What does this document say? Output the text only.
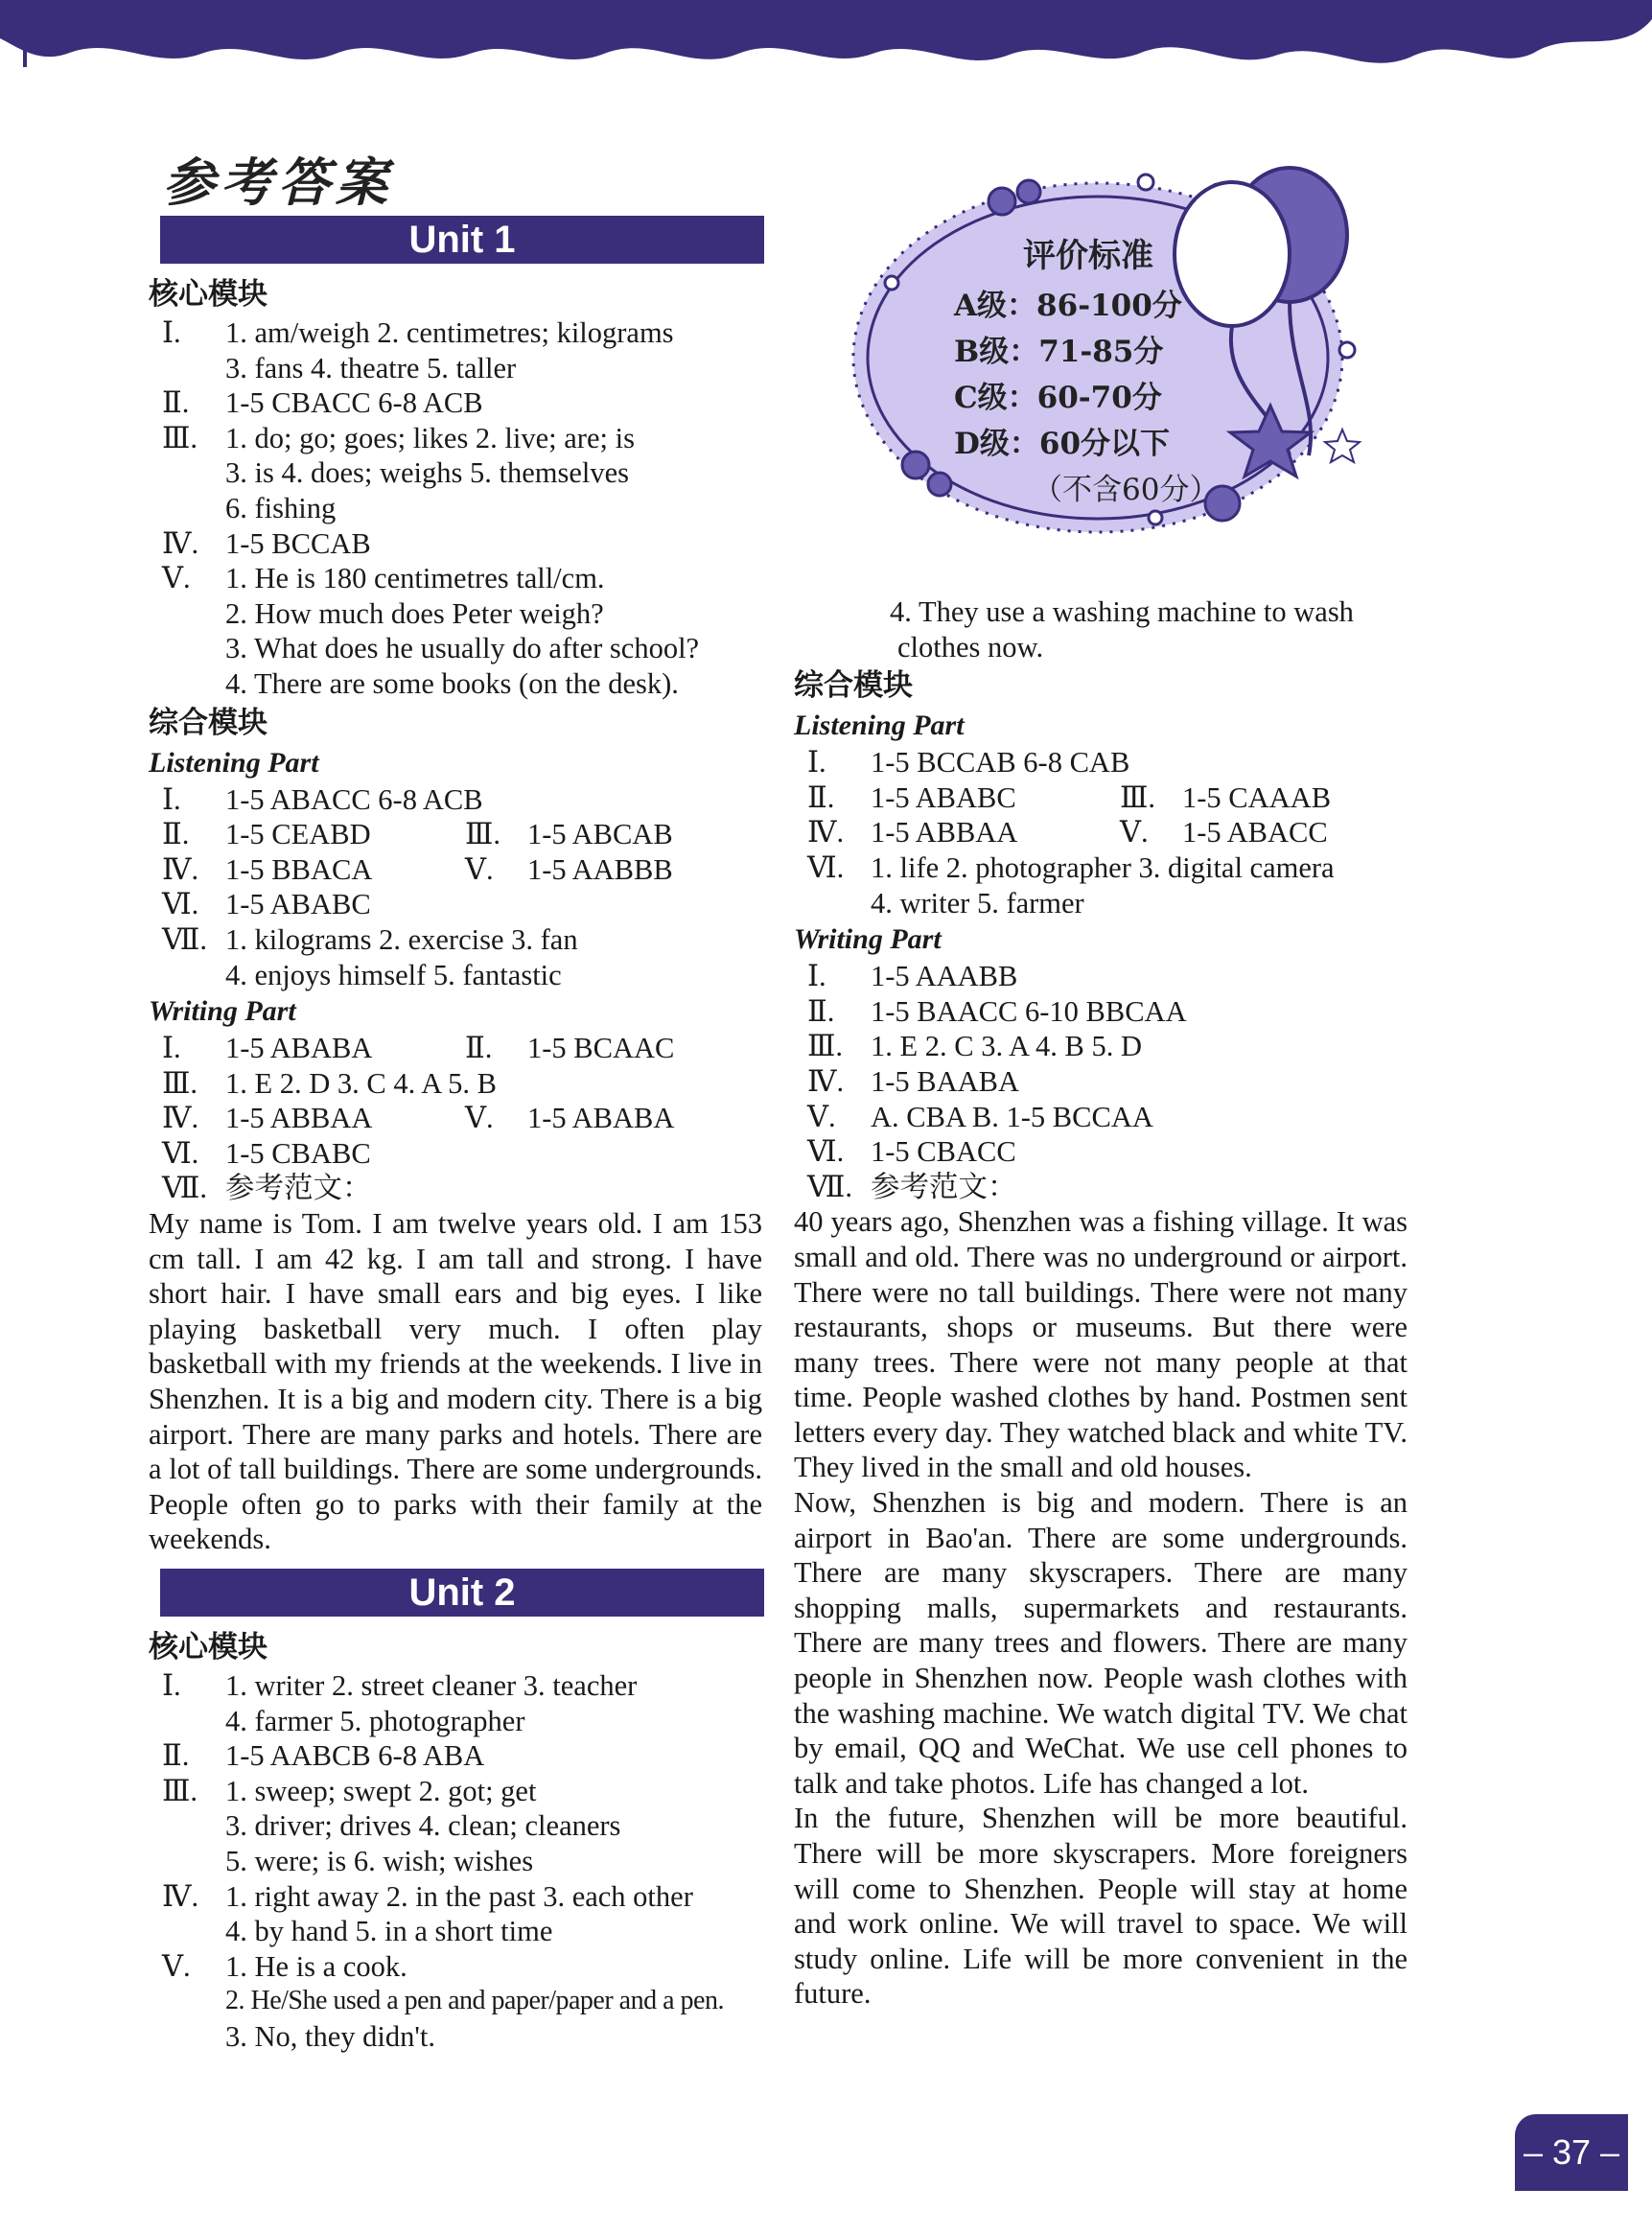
参考答案
评价标准
A级：86-100分
B级：71-85分
C级：60-70分
D级：60分以下
（不含60分）
Unit 1
核心模块
Ⅰ. 1. am/weigh 2. centimetres; kilograms
3. fans 4. theatre 5. taller
Ⅱ. 1-5 CBACC 6-8 ACB
Ⅲ. 1. do; go; goes; likes 2. live; are; is
3. is 4. does; weighs 5. themselves
6. fishing
Ⅳ. 1-5 BCCAB
Ⅴ. 1. He is 180 centimetres tall/cm.
2. How much does Peter weigh?
3. What does he usually do after school?
4. There are some books (on the desk).
综合模块
Listening Part
Ⅰ. 1-5 ABACC 6-8 ACB
Ⅱ. 1-5 CEABD	Ⅲ. 1-5 ABCAB
Ⅳ. 1-5 BBACA	Ⅴ. 1-5 AABBB
Ⅵ. 1-5 ABABC
Ⅶ. 1. kilograms 2. exercise 3. fan
4. enjoys himself 5. fantastic
Writing Part
Ⅰ. 1-5 ABABA	Ⅱ. 1-5 BCAAC
Ⅲ. 1. E 2. D 3. C 4. A 5. B
Ⅳ. 1-5 ABBAA	Ⅴ. 1-5 ABABA
Ⅵ. 1-5 CBABC
Ⅶ. 参考范文：
My name is Tom. I am twelve years old. I am 153 cm tall. I am 42 kg. I am tall and strong. I have short hair. I have small ears and big eyes. I like playing basketball very much. I often play basketball with my friends at the weekends. I live in Shenzhen. It is a big and modern city. There is a big airport. There are many parks and hotels. There are a lot of tall buildings. There are some undergrounds. People often go to parks with their family at the weekends.
Unit 2
核心模块
Ⅰ. 1. writer 2. street cleaner 3. teacher
4. farmer 5. photographer
Ⅱ. 1-5 AABCB 6-8 ABA
Ⅲ. 1. sweep; swept 2. got; get
3. driver; drives 4. clean; cleaners
5. were; is 6. wish; wishes
Ⅳ. 1. right away 2. in the past 3. each other
4. by hand 5. in a short time
Ⅴ. 1. He is a cook.
2. He/She used a pen and paper/paper and a pen.
3. No, they didn't.
4. They use a washing machine to wash
clothes now.
综合模块
Listening Part
Ⅰ. 1-5 BCCAB 6-8 CAB
Ⅱ. 1-5 ABABC	Ⅲ. 1-5 CAAAB
Ⅳ. 1-5 ABBAA	Ⅴ. 1-5 ABACC
Ⅵ. 1. life 2. photographer 3. digital camera
4. writer 5. farmer
Writing Part
Ⅰ. 1-5 AAABB
Ⅱ. 1-5 BAACC 6-10 BBCAA
Ⅲ. 1. E 2. C 3. A 4. B 5. D
Ⅳ. 1-5 BAABA
Ⅴ. A. CBA B. 1-5 BCCAA
Ⅵ. 1-5 CBACC
Ⅶ. 参考范文：
40 years ago, Shenzhen was a fishing village. It was small and old. There was no underground or airport. There were no tall buildings. There were not many restaurants, shops or museums. But there were many trees. There were not many people at that time. People washed clothes by hand. Postmen sent letters every day. They watched black and white TV. They lived in the small and old houses.
Now, Shenzhen is big and modern. There is an airport in Bao'an. There are some undergrounds. There are many skyscrapers. There are many shopping malls, supermarkets and restaurants. There are many trees and flowers. There are many people in Shenzhen now. People wash clothes with the washing machine. We watch digital TV. We chat by email, QQ and WeChat. We use cell phones to talk and take photos. Life has changed a lot.
In the future, Shenzhen will be more beautiful. There will be more skyscrapers. More foreigners will come to Shenzhen. People will stay at home and work online. We will travel to space. We will study online. Life will be more convenient in the future.
– 37 –
